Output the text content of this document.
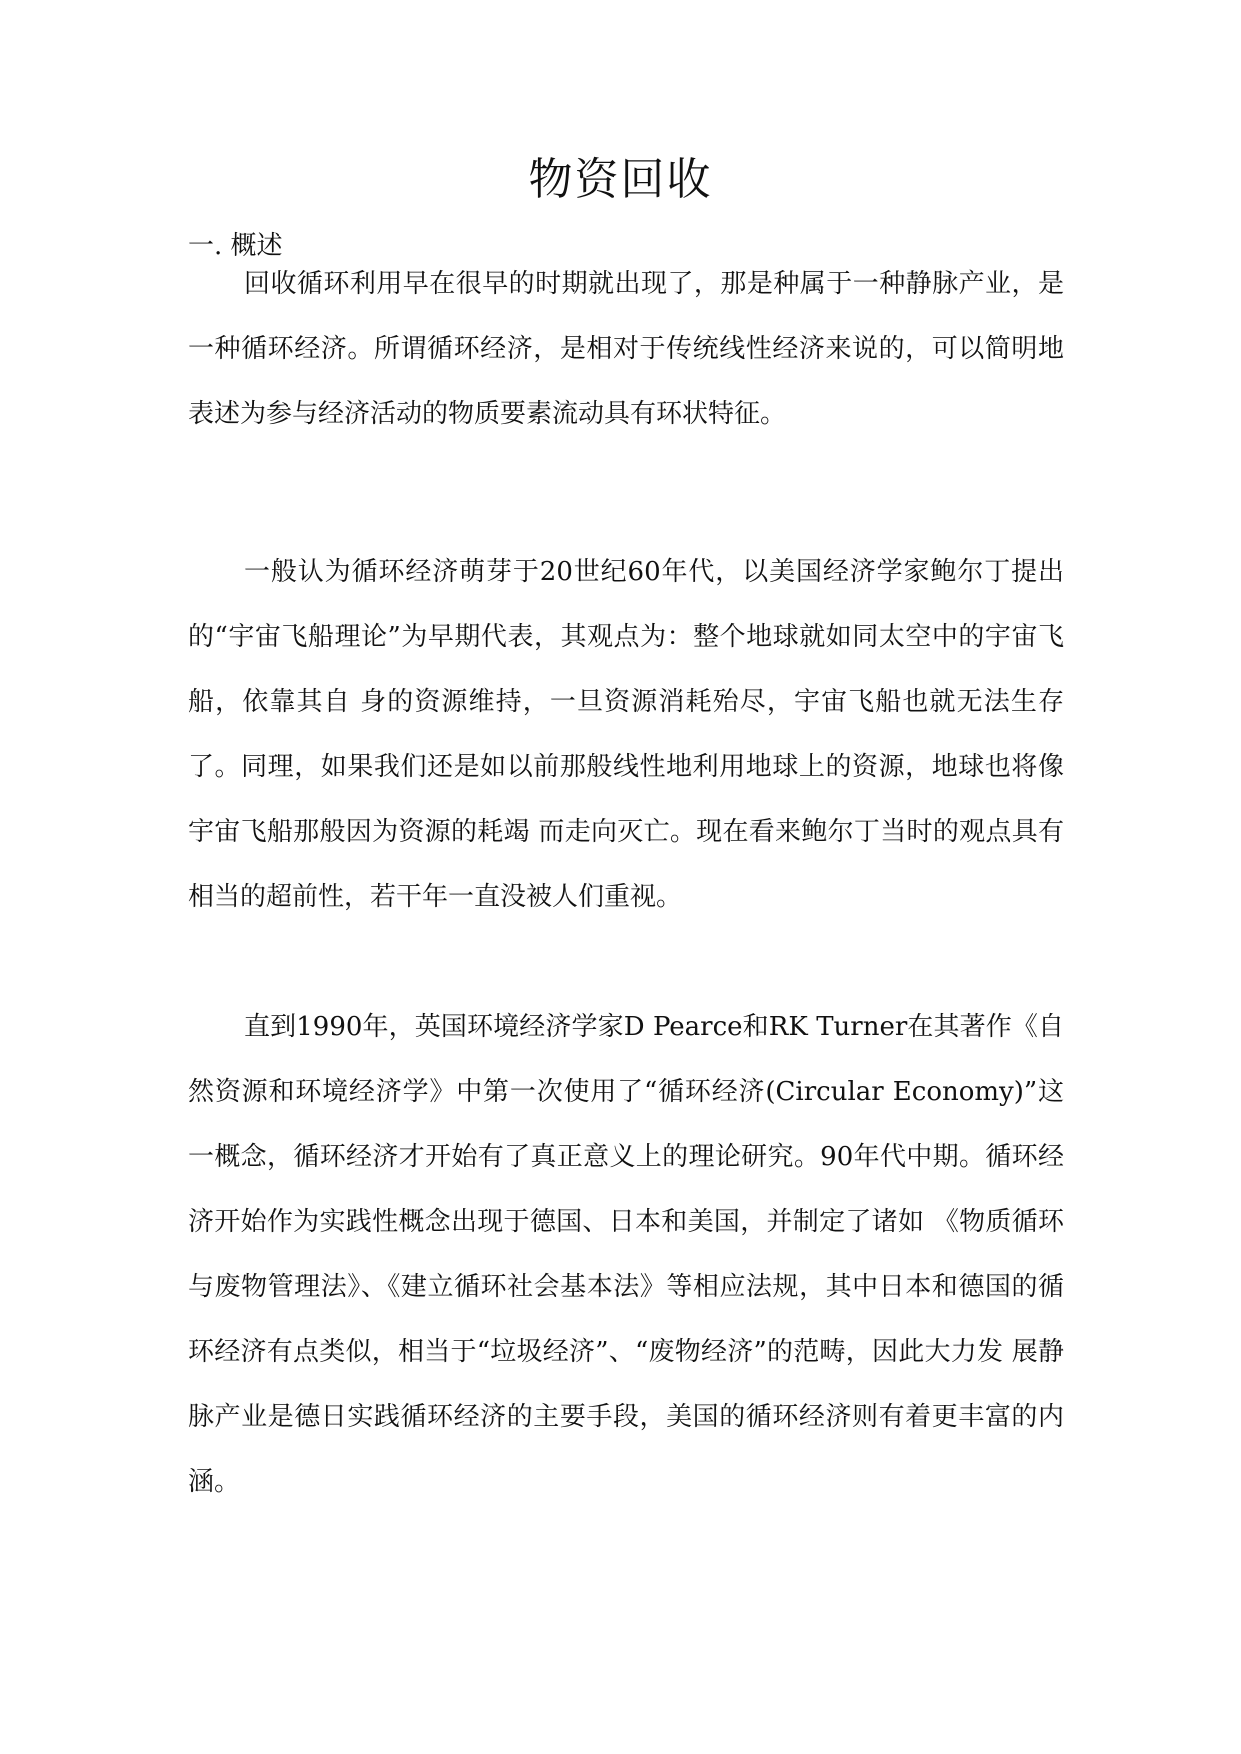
物资回收
一. 概述

回收循环利用早在很早的时期就出现了，那是种属于一种静脉产业，是一种循环经济。所谓循环经济，是相对于传统线性经济来说的，可以简明地表述为参与经济活动的物质要素流动具有环状特征。

一般认为循环经济萌芽于20世纪60年代，以美国经济学家鲍尔丁提出的“宇宙飞船理论”为早期代表，其观点为：整个地球就如同太空中的宇宙飞船，依靠其自 身的资源维持，一旦资源消耗殆尽，宇宙飞船也就无法生存了。同理，如果我们还是如以前那般线性地利用地球上的资源，地球也将像宇宙飞船那般因为资源的耗竭 而走向灭亡。现在看来鲍尔丁当时的观点具有相当的超前性，若干年一直没被人们重视。

直到1990年，英国环境经济学家D Pearce和RK Turner在其著作《自然资源和环境经济学》中第一次使用了“循环经济(Circular Economy)”这一概念，循环经济才开始有了真正意义上的理论研究。90年代中期。循环经济开始作为实践性概念出现于德国、日本和美国，并制定了诸如 《物质循环与废物管理法》、《建立循环社会基本法》等相应法规，其中日本和德国的循环经济有点类似，相当于“垃圾经济”、“废物经济”的范畴，因此大力发 展静脉产业是德日实践循环经济的主要手段，美国的循环经济则有着更丰富的内涵。
